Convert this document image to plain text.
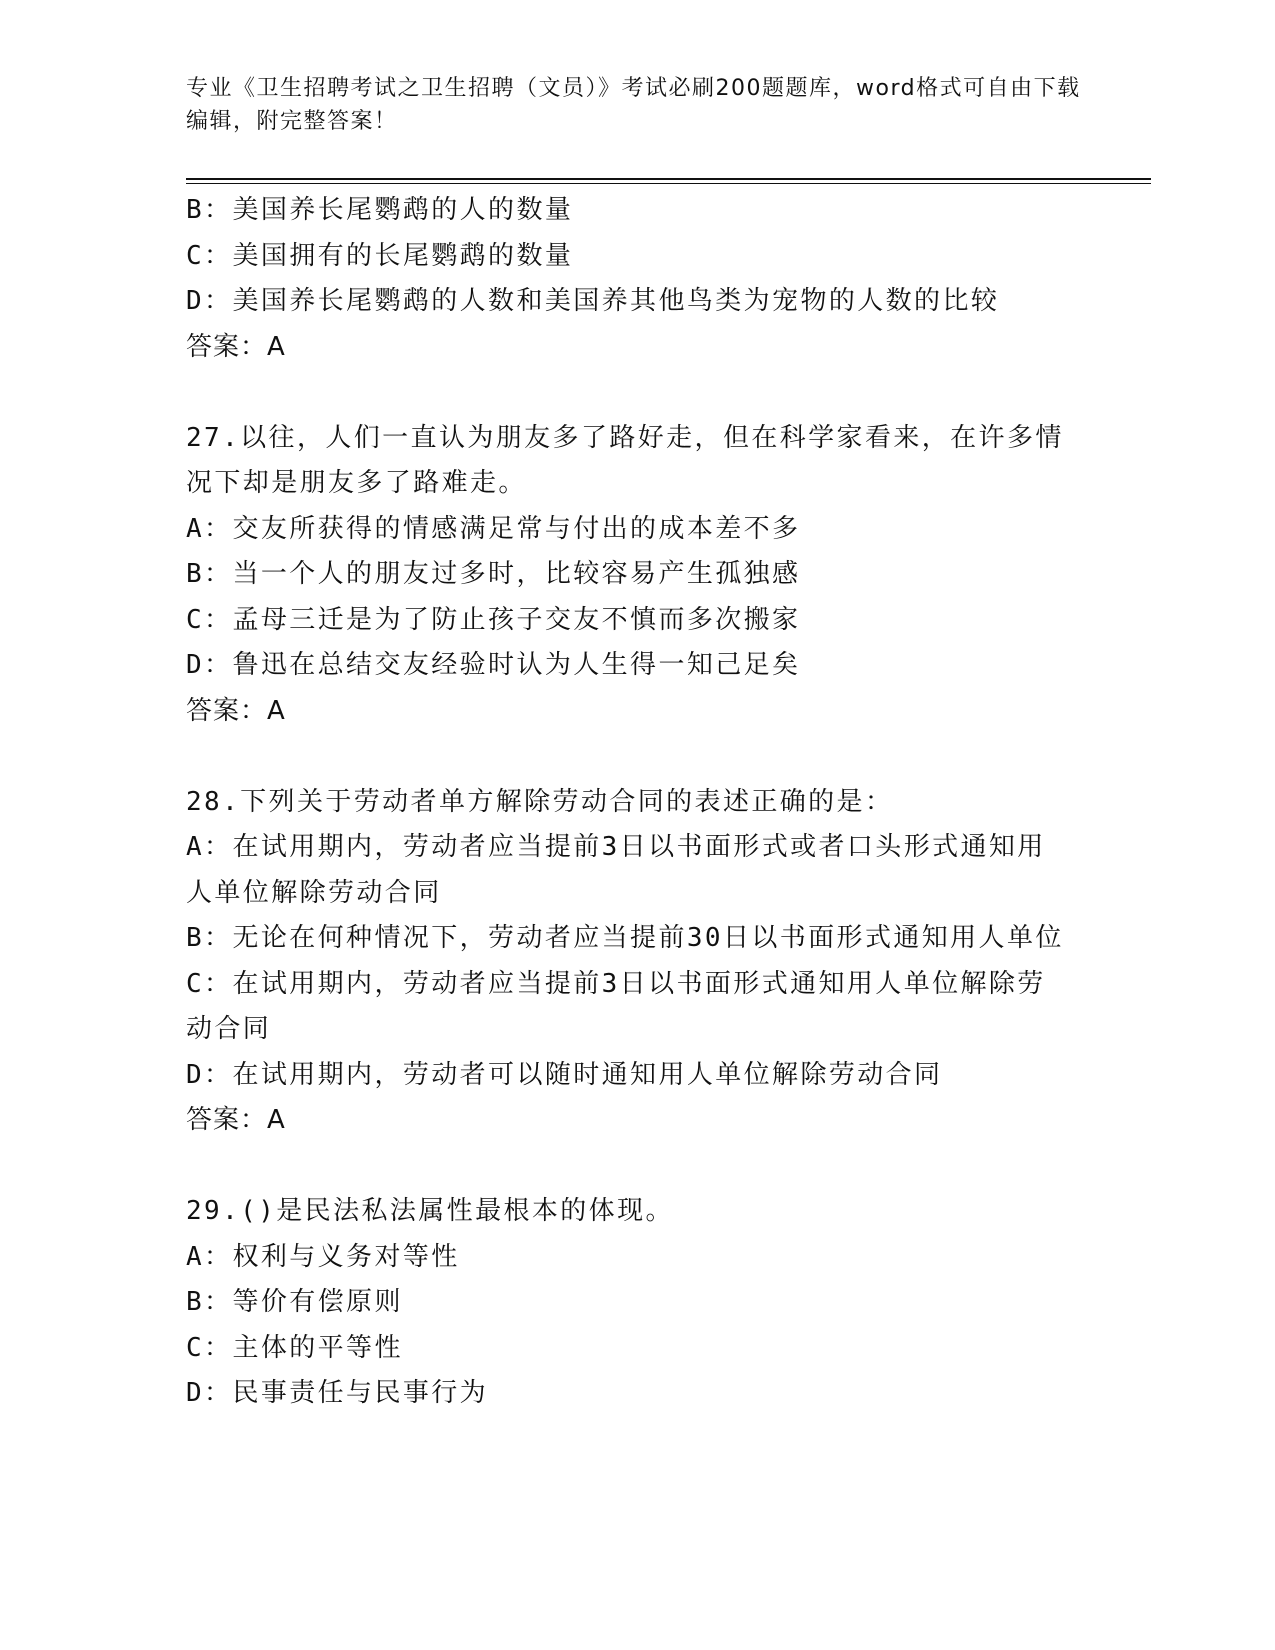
专业《卫生招聘考试之卫生招聘（文员）》考试必刷200题题库，word格式可自由下载编辑，附完整答案！
B：美国养长尾鹦鹉的人的数量
C：美国拥有的长尾鹦鹉的数量
D：美国养长尾鹦鹉的人数和美国养其他鸟类为宠物的人数的比较
答案：A
27.以往，人们一直认为朋友多了路好走，但在科学家看来，在许多情况下却是朋友多了路难走。
A：交友所获得的情感满足常与付出的成本差不多
B：当一个人的朋友过多时，比较容易产生孤独感
C：孟母三迁是为了防止孩子交友不慎而多次搬家
D：鲁迅在总结交友经验时认为人生得一知己足矣
答案：A
28.下列关于劳动者单方解除劳动合同的表述正确的是：
A：在试用期内，劳动者应当提前3日以书面形式或者口头形式通知用人单位解除劳动合同
B：无论在何种情况下，劳动者应当提前30日以书面形式通知用人单位
C：在试用期内，劳动者应当提前3日以书面形式通知用人单位解除劳动合同
D：在试用期内，劳动者可以随时通知用人单位解除劳动合同
答案：A
29.()是民法私法属性最根本的体现。
A：权利与义务对等性
B：等价有偿原则
C：主体的平等性
D：民事责任与民事行为
